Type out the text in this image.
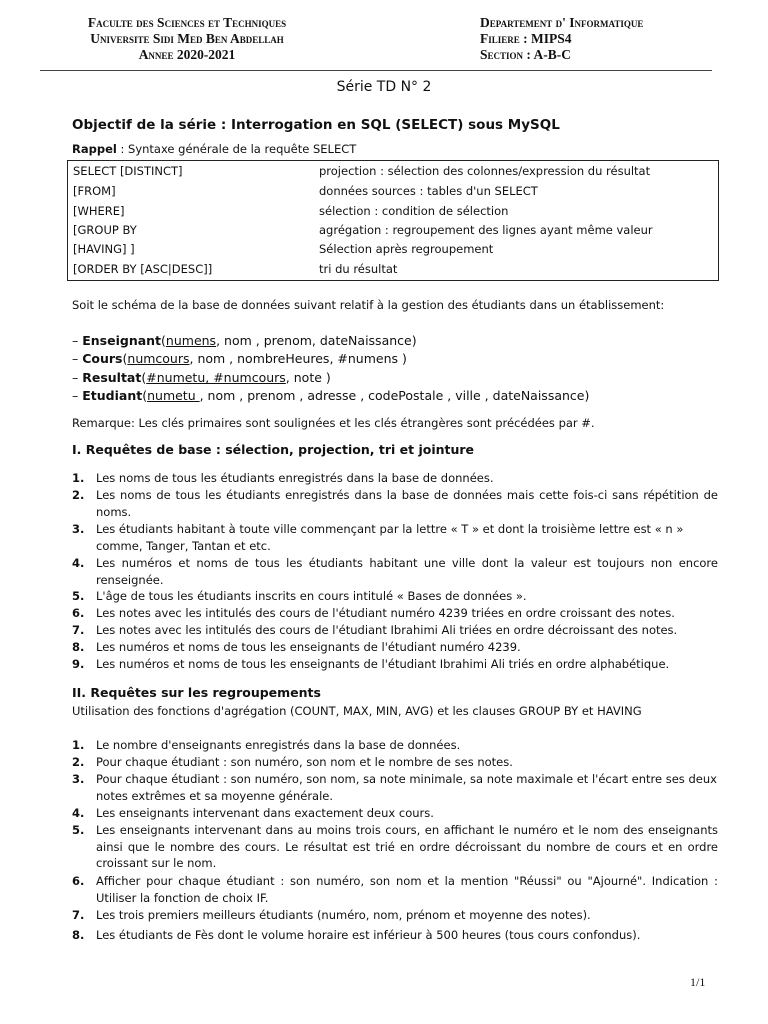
Faculte des Sciences et Techniques
Universite Sidi Med Ben Abdellah
Annee 2020-2021
Departement d' Informatique
Filiere : MIPS4
Section : A-B-C
Série TD N° 2
Objectif de la série : Interrogation en SQL (SELECT) sous MySQL
Rappel : Syntaxe générale de la requête SELECT
SELECT [DISTINCT]	projection : sélection des colonnes/expression du résultat
[FROM]	données sources : tables d'un SELECT
[WHERE]	sélection : condition de sélection
[GROUP BY	agrégation : regroupement des lignes ayant même valeur
[HAVING] ]	Sélection après regroupement
[ORDER BY [ASC|DESC]]	tri du résultat
Soit le schéma de la base de données suivant relatif à la gestion des étudiants dans un établissement:
– Enseignant(numens, nom , prenom, dateNaissance)
– Cours(numcours, nom , nombreHeures, #numens )
– Resultat(#numetu, #numcours, note )
– Etudiant(numetu , nom , prenom , adresse , codePostale , ville , dateNaissance)
Remarque: Les clés primaires sont soulignées et les clés étrangères sont précédées par #.
I. Requêtes de base : sélection, projection, tri et jointure
1. Les noms de tous les étudiants enregistrés dans la base de données.
2. Les noms de tous les étudiants enregistrés dans la base de données mais cette fois-ci sans répétition de noms.
3. Les étudiants habitant à toute ville commençant par la lettre « T » et dont la troisième lettre est « n » comme, Tanger, Tantan et etc.
4. Les numéros et noms de tous les étudiants habitant une ville dont la valeur est toujours non encore renseignée.
5. L'âge de tous les étudiants inscrits en cours intitulé « Bases de données ».
6. Les notes avec les intitulés des cours de l'étudiant numéro 4239 triées en ordre croissant des notes.
7. Les notes avec les intitulés des cours de l'étudiant Ibrahimi Ali triées en ordre décroissant des notes.
8. Les numéros et noms de tous les enseignants de l'étudiant numéro 4239.
9. Les numéros et noms de tous les enseignants de l'étudiant Ibrahimi Ali triés en ordre alphabétique.
II. Requêtes sur les regroupements
Utilisation des fonctions d'agrégation (COUNT, MAX, MIN, AVG) et les clauses GROUP BY et HAVING
1. Le nombre d'enseignants enregistrés dans la base de données.
2. Pour chaque étudiant : son numéro, son nom et le nombre de ses notes.
3. Pour chaque étudiant : son numéro, son nom, sa note minimale, sa note maximale et l'écart entre ses deux notes extrêmes et sa moyenne générale.
4. Les enseignants intervenant dans exactement deux cours.
5. Les enseignants intervenant dans au moins trois cours, en affichant le numéro et le nom des enseignants ainsi que le nombre des cours. Le résultat est trié en ordre décroissant du nombre de cours et en ordre croissant sur le nom.
6. Afficher pour chaque étudiant : son numéro, son nom et la mention "Réussi" ou "Ajourné". Indication : Utiliser la fonction de choix IF.
7. Les trois premiers meilleurs étudiants (numéro, nom, prénom et moyenne des notes).
8. Les étudiants de Fès dont le volume horaire est inférieur à 500 heures (tous cours confondus).
1/1
